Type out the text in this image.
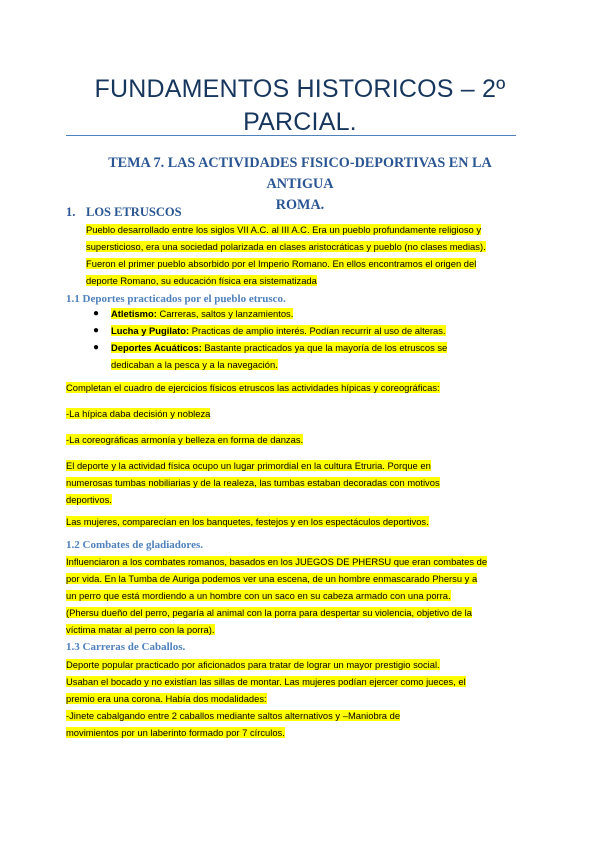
FUNDAMENTOS HISTORICOS – 2º
PARCIAL.
TEMA 7. LAS ACTIVIDADES FISICO-DEPORTIVAS EN LA ANTIGUA
ROMA.
1. LOS ETRUSCOS
Pueblo desarrollado entre los siglos VII A.C. al III A.C. Era un pueblo profundamente religioso y
supersticioso, era una sociedad polarizada en clases aristocráticas y pueblo (no clases medias).
Fueron el primer pueblo absorbido por el Imperio Romano. En ellos encontramos el origen del
deporte Romano, su educación física era sistematizada
1.1 Deportes practicados por el pueblo etrusco.
● Atletismo: Carreras, saltos y lanzamientos.
● Lucha y Pugilato: Practicas de amplio interés. Podían recurrir al uso de alteras.
● Deportes Acuáticos: Bastante practicados ya que la mayoría de los etruscos se
dedicaban a la pesca y a la navegación.
Completan el cuadro de ejercicios físicos etruscos las actividades hípicas y coreográficas:
-La hípica daba decisión y nobleza
-La coreográficas armonía y belleza en forma de danzas.
El deporte y la actividad física ocupo un lugar primordial en la cultura Etruria. Porque en
numerosas tumbas nobiliarias y de la realeza, las tumbas estaban decoradas con motivos
deportivos.
Las mujeres, comparecían en los banquetes, festejos y en los espectáculos deportivos.
1.2 Combates de gladiadores.
Influenciaron a los combates romanos, basados en los JUEGOS DE PHERSU que eran combates de
por vida. En la Tumba de Auriga podemos ver una escena, de un hombre enmascarado Phersu y a
un perro que está mordiendo a un hombre con un saco en su cabeza armado con una porra.
(Phersu dueño del perro, pegaría al animal con la porra para despertar su violencia, objetivo de la
víctima matar al perro con la porra).
1.3 Carreras de Caballos.
Deporte popular practicado por aficionados para tratar de lograr un mayor prestigio social.
Usaban el bocado y no existían las sillas de montar. Las mujeres podían ejercer como jueces, el
premio era una corona. Había dos modalidades:
-Jinete cabalgando entre 2 caballos mediante saltos alternativos y –Maniobra de
movimientos por un laberinto formado por 7 círculos.
